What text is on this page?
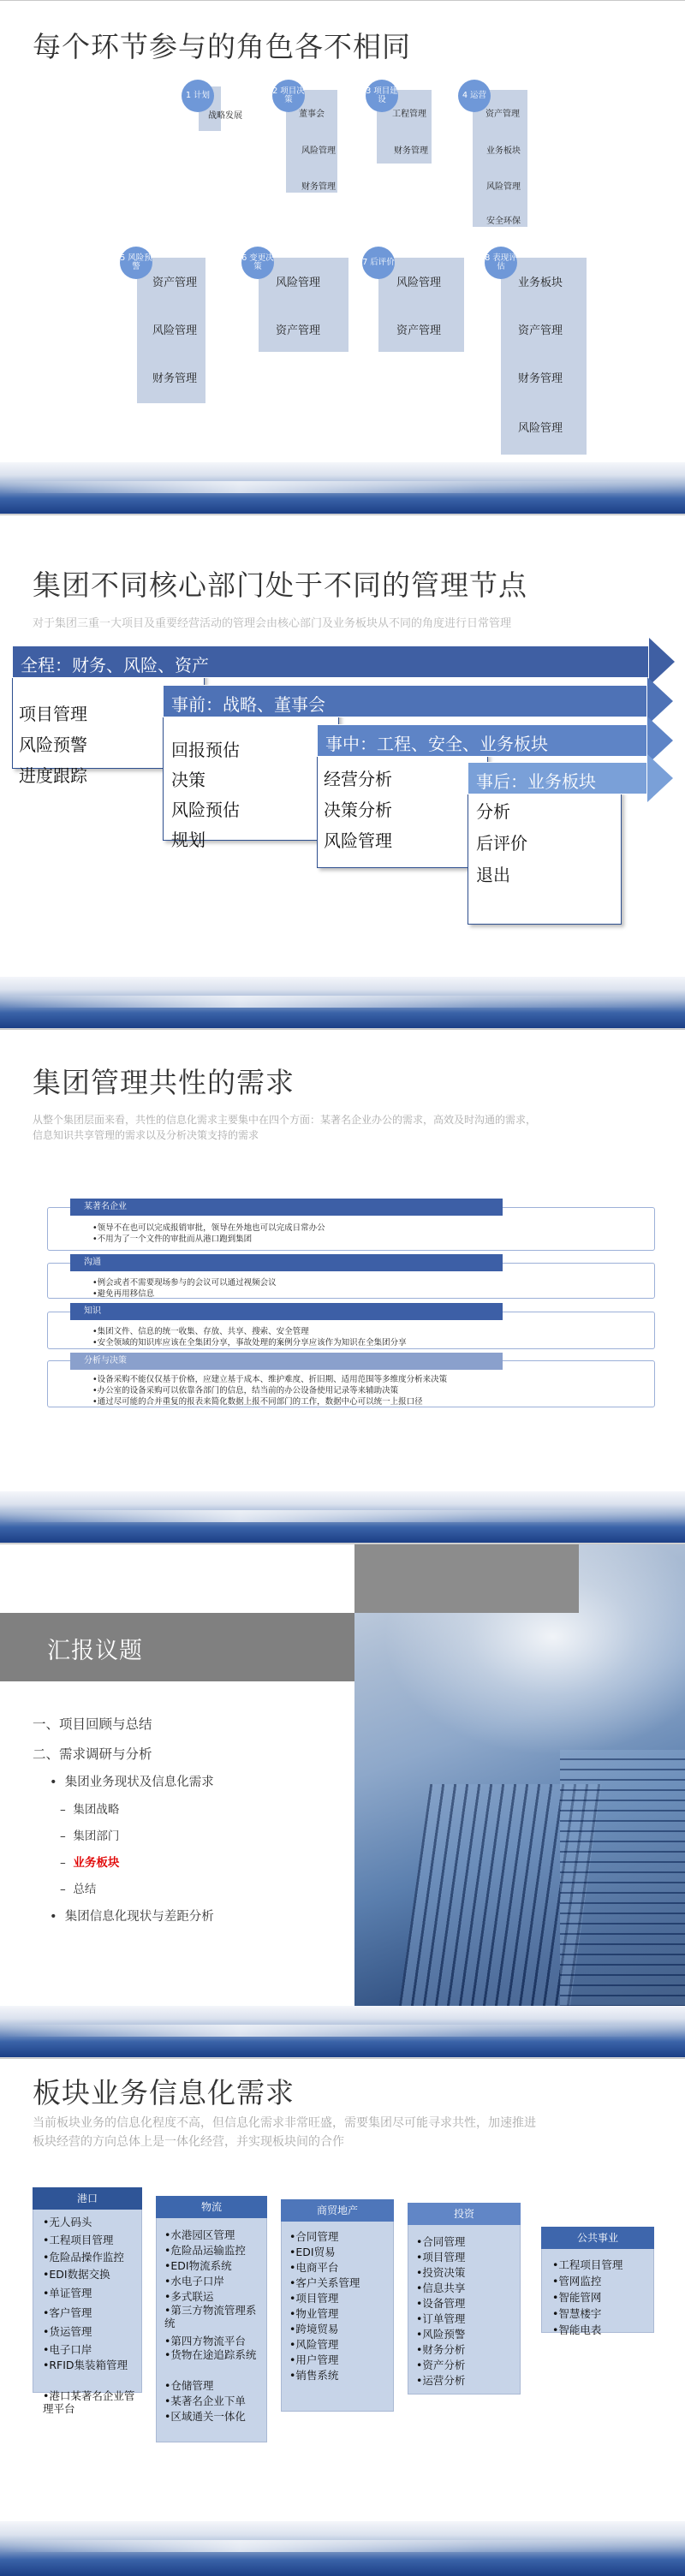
每个环节参与的角色各不相同
1 计划
战略发展
2 项目决策
董事会
风险管理
财务管理
3 项目建设
工程管理
财务管理
4 运营
资产管理
业务板块
风险管理
安全环保
5 风险预警
资产管理
风险管理
财务管理
6 变更决策
风险管理
资产管理
7 后评价
风险管理
资产管理
8 表现评估
业务板块
资产管理
财务管理
风险管理
集团不同核心部门处于不同的管理节点
对于集团三重一大项目及重要经营活动的管理会由核心部门及业务板块从不同的角度进行日常管理
项目管理
风险预警
进度跟踪
回报预估
决策
风险预估
规划
经营分析
决策分析
风险管理
分析
后评价
退出
全程：财务、风险、资产
事前：战略、董事会
事中：工程、安全、业务板块
事后：业务板块
集团管理共性的需求
从整个集团层面来看，共性的信息化需求主要集中在四个方面：某著名企业办公的需求，高效及时沟通的需求，
信息知识共享管理的需求以及分析决策支持的需求
某著名企业
•领导不在也可以完成报销审批，领导在外地也可以完成日常办公
•不用为了一个文件的审批而从港口跑到集团
沟通
•例会或者不需要现场参与的会议可以通过视频会议
•避免再用移信息
知识
•集团文件、信息的统一收集、存放、共享、搜索、安全管理
•安全领域的知识库应该在全集团分享，事故处理的案例分享应该作为知识在全集团分享
分析与决策
•设备采购不能仅仅基于价格，应建立基于成本、维护难度、折旧期、适用范围等多维度分析来决策
•办公室的设备采购可以依靠各部门的信息，结当前的办公设备使用记录等来辅助决策
•通过尽可能的合并重复的报表来简化数据上报不同部门的工作，数据中心可以统一上报口径
汇报议题
一、项目回顾与总结
二、需求调研与分析
•  集团业务现状及信息化需求
–  集团战略
–  集团部门
–  业务板块
–  总结
•  集团信息化现状与差距分析
板块业务信息化需求
当前板块业务的信息化程度不高，但信息化需求非常旺盛，需要集团尽可能寻求共性，加速推进
板块经营的方向总体上是一体化经营，并实现板块间的合作
港口
•无人码头
•工程项目管理
•危险品操作监控
•EDI数据交换
•单证管理
•客户管理
•货运管理
•电子口岸
•RFID集装箱管理
•港口某著名企业管理平台
物流
•水港园区管理
•危险品运输监控
•EDI物流系统
•水电子口岸
•多式联运
•第三方物流管理系统
•第四方物流平台
•货物在途追踪系统
•仓储管理
•某著名企业下单
•区域通关一体化
商贸地产
•合同管理
•EDI贸易
•电商平台
•客户关系管理
•项目管理
•物业管理
•跨境贸易
•风险管理
•用户管理
•销售系统
投资
•合同管理
•项目管理
•投资决策
•信息共享
•设备管理
•订单管理
•风险预警
•财务分析
•资产分析
•运营分析
公共事业
•工程项目管理
•管网监控
•智能管网
•智慧楼宇
•智能电表
